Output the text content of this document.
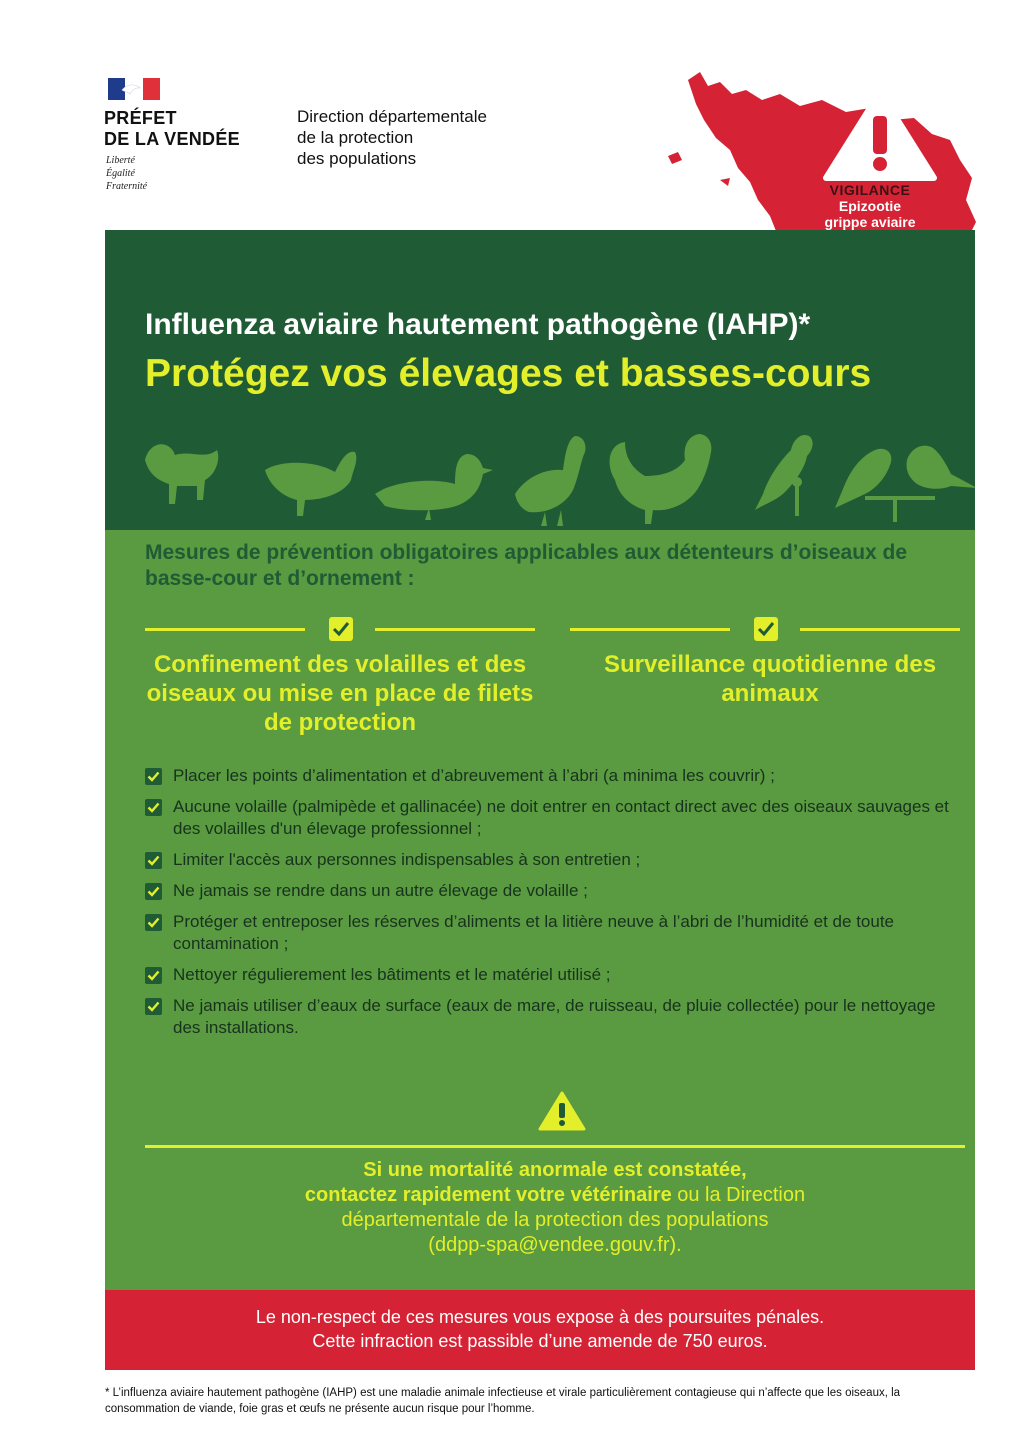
PRÉFET
DE LA VENDÉE
Liberté
Égalité
Fraternité
Direction départementale
de la protection
des populations
VIGILANCE
Epizootie
grippe aviaire
Influenza aviaire hautement pathogène (IAHP)*
Protégez vos élevages et basses-cours
Mesures de prévention obligatoires applicables aux détenteurs d’oiseaux de basse-cour et d’ornement :
Confinement des volailles et des oiseaux ou mise en place de filets de protection
Surveillance quotidienne des animaux
Placer les points d’alimentation et d’abreuvement à l’abri (a minima les couvrir) ;
Aucune volaille (palmipède et gallinacée) ne doit entrer en contact direct avec des oiseaux sauvages et des volailles d'un élevage professionnel ;
Limiter l'accès aux personnes indispensables à son entretien ;
Ne jamais se rendre dans un autre élevage de volaille ;
Protéger et entreposer les réserves d’aliments et la litière neuve à l’abri de l’humidité et de toute contamination ;
Nettoyer régulierement les bâtiments et le matériel utilisé ;
Ne jamais utiliser d’eaux de surface (eaux de mare, de ruisseau, de pluie collectée) pour le nettoyage des installations.
Si une mortalité anormale est constatée,
contactez rapidement votre vétérinaire ou la Direction
départementale de la protection des populations
(ddpp-spa@vendee.gouv.fr).
Le non-respect de ces mesures vous expose à des poursuites pénales.
Cette infraction est passible d’une amende de 750 euros.
* L’influenza aviaire hautement pathogène (IAHP) est une maladie animale infectieuse et virale particulièrement contagieuse qui n’affecte que les oiseaux, la consommation de viande, foie gras et œufs ne présente aucun risque pour l’homme.
